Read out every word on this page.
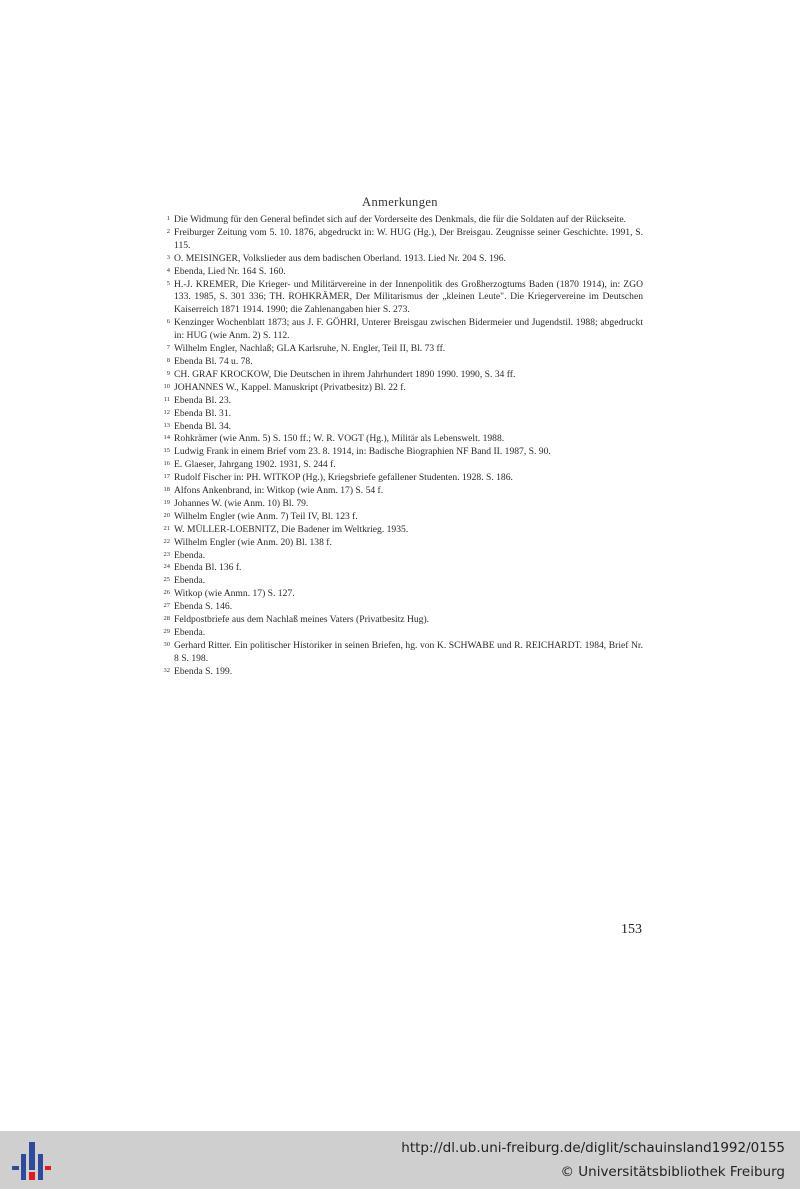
Anmerkungen
1 Die Widmung für den General befindet sich auf der Vorderseite des Denkmals, die für die Soldaten auf der Rückseite.
2 Freiburger Zeitung vom 5. 10. 1876, abgedruckt in: W. HUG (Hg.), Der Breisgau. Zeugnisse seiner Geschichte. 1991, S. 115.
3 O. MEISINGER, Volkslieder aus dem badischen Oberland. 1913. Lied Nr. 204 S. 196.
4 Ebenda, Lied Nr. 164 S. 160.
5 H.-J. KREMER, Die Krieger- und Militärvereine in der Innenpolitik des Großherzogtums Baden (1870 1914), in: ZGO 133. 1985, S. 301 336; TH. ROHKRÄMER, Der Militarismus der „kleinen Leute". Die Kriegervereine im Deutschen Kaiserreich 1871 1914. 1990; die Zahlenangaben hier S. 273.
6 Kenzinger Wochenblatt 1873; aus J. F. GÖHRI, Unterer Breisgau zwischen Bidermeier und Jugendstil. 1988; abgedruckt in: HUG (wie Anm. 2) S. 112.
7 Wilhelm Engler, Nachlaß; GLA Karlsruhe, N. Engler, Teil II, Bl. 73 ff.
8 Ebenda Bl. 74 u. 78.
9 CH. GRAF KROCKOW, Die Deutschen in ihrem Jahrhundert 1890 1990. 1990, S. 34 ff.
10 JOHANNES W., Kappel. Manuskript (Privatbesitz) Bl. 22 f.
11 Ebenda Bl. 23.
12 Ebenda Bl. 31.
13 Ebenda Bl. 34.
14 Rohkrämer (wie Anm. 5) S. 150 ff.; W. R. VOGT (Hg.), Militär als Lebenswelt. 1988.
15 Ludwig Frank in einem Brief vom 23. 8. 1914, in: Badische Biographien NF Band II. 1987, S. 90.
16 E. Glaeser, Jahrgang 1902. 1931, S. 244 f.
17 Rudolf Fischer in: PH. WITKOP (Hg.), Kriegsbriefe gefallener Studenten. 1928. S. 186.
18 Alfons Ankenbrand, in: Witkop (wie Anm. 17) S. 54 f.
19 Johannes W. (wie Anm. 10) Bl. 79.
20 Wilhelm Engler (wie Anm. 7) Teil IV, Bl. 123 f.
21 W. MÜLLER-LOEBNITZ, Die Badener im Weltkrieg. 1935.
22 Wilhelm Engler (wie Anm. 20) Bl. 138 f.
23 Ebenda.
24 Ebenda Bl. 136 f.
25 Ebenda.
26 Witkop (wie Anmn. 17) S. 127.
27 Ebenda S. 146.
28 Feldpostbriefe aus dem Nachlaß meines Vaters (Privatbesitz Hug).
29 Ebenda.
30 Gerhard Ritter. Ein politischer Historiker in seinen Briefen, hg. von K. SCHWABE und R. REICHARDT. 1984, Brief Nr. 8 S. 198.
32 Ebenda S. 199.
153
http://dl.ub.uni-freiburg.de/diglit/schauinsland1992/0155
© Universitätsbibliothek Freiburg
